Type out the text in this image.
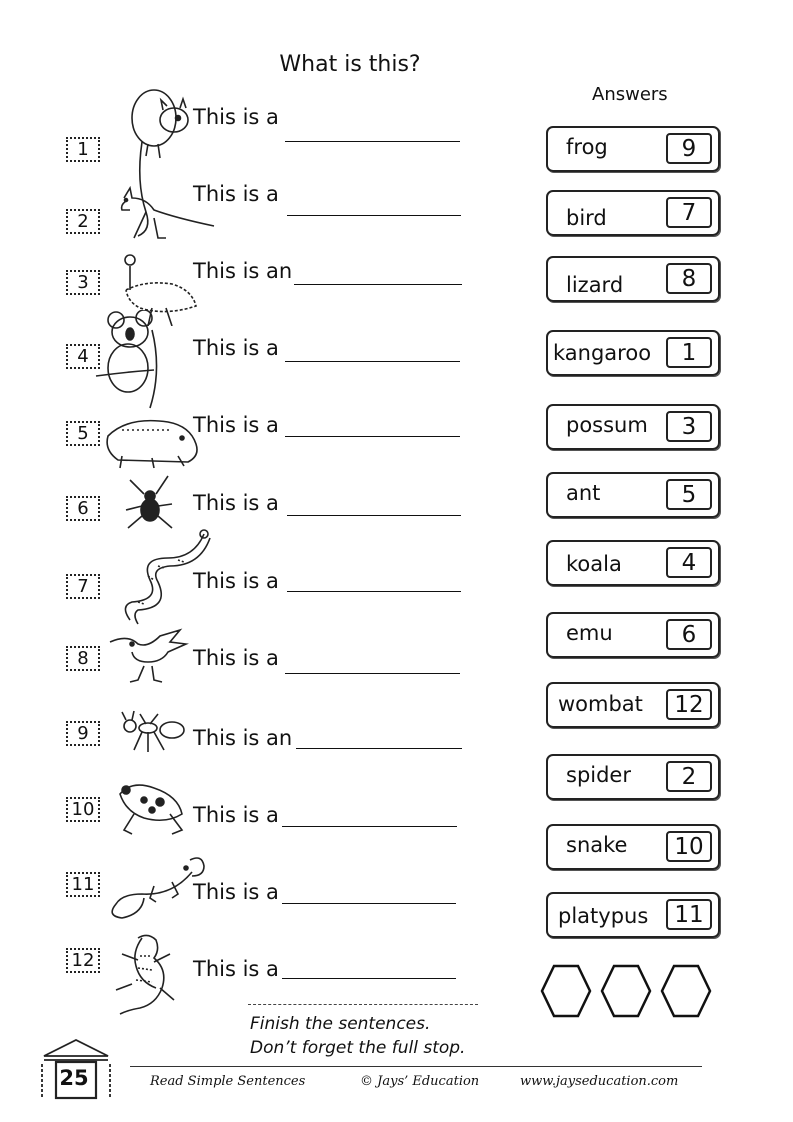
What is this?
Answers
1
This is a
2
This is a
3	This is an
4	This is a
5	This is a
6	This is a
7	This is a
8	This is a
9	This is an
10	This is a
11	This is a
12	This is a
frog	9
bird	7
lizard	8
kangaroo	1
possum	3
ant	5
koala	4
emu	6
wombat	12
spider	2
snake	10
platypus	11
Finish the sentences.
Don’t forget the full stop.
25	Read Simple Sentences	© Jays’ Education	www.jayseducation.com
